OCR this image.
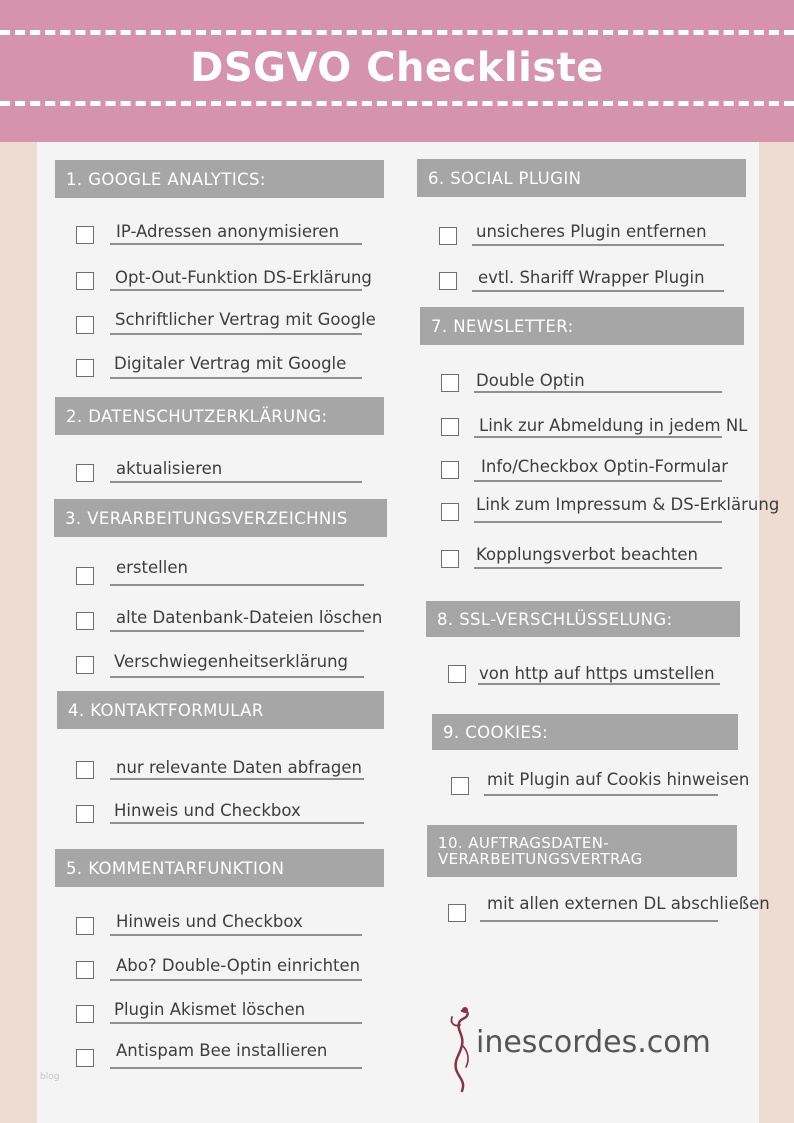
DSGVO Checkliste
1. GOOGLE ANALYTICS:
IP-Adressen anonymisieren
Opt-Out-Funktion DS-Erklärung
Schriftlicher Vertrag mit Google
Digitaler Vertrag mit Google
2. DATENSCHUTZERKLÄRUNG:
aktualisieren
3. VERARBEITUNGSVERZEICHNIS
erstellen
alte Datenbank-Dateien löschen
Verschwiegenheitserklärung
4. KONTAKTFORMULAR
nur relevante Daten abfragen
Hinweis und Checkbox
5. KOMMENTARFUNKTION
Hinweis und Checkbox
Abo? Double-Optin einrichten
Plugin Akismet löschen
Antispam Bee installieren
6. SOCIAL PLUGIN
unsicheres Plugin entfernen
evtl. Shariff Wrapper Plugin
7. NEWSLETTER:
Double Optin
Link zur Abmeldung in jedem NL
Info/Checkbox Optin-Formular
Link zum Impressum & DS-Erklärung
Kopplungsverbot beachten
8. SSL-VERSCHLÜSSELUNG:
von http auf https umstellen
9. COOKIES:
mit Plugin auf Cookis hinweisen
10. AUFTRAGSDATEN-
VERARBEITUNGSVERTRAG
mit allen externen DL abschließen
inescordes.com
blog
